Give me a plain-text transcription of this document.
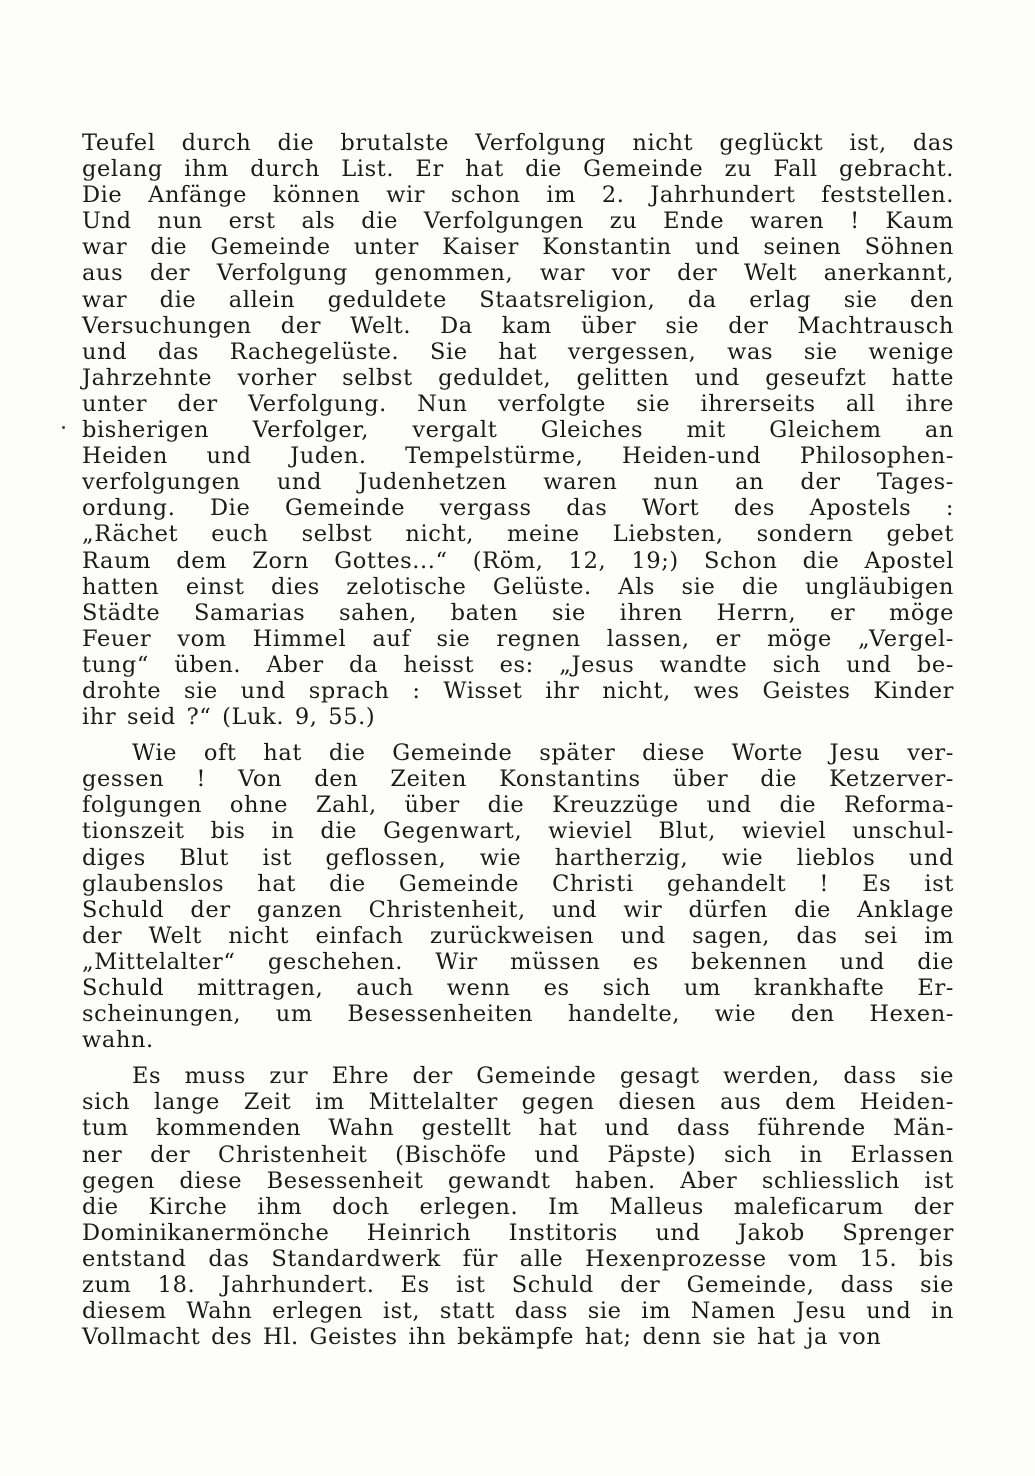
Teufel durch die brutalste Verfolgung nicht geglückt ist, das
gelang ihm durch List. Er hat die Gemeinde zu Fall gebracht.
Die Anfänge können wir schon im 2. Jahrhundert feststellen.
Und nun erst als die Verfolgungen zu Ende waren ! Kaum
war die Gemeinde unter Kaiser Konstantin und seinen Söhnen
aus der Verfolgung genommen, war vor der Welt anerkannt,
war die allein geduldete Staatsreligion, da erlag sie den
Versuchungen der Welt. Da kam über sie der Machtrausch
und das Rachegelüste. Sie hat vergessen, was sie wenige
Jahrzehnte vorher selbst geduldet, gelitten und geseufzt hatte
unter der Verfolgung. Nun verfolgte sie ihrerseits all ihre
bisherigen Verfolger, vergalt Gleiches mit Gleichem an
Heiden und Juden. Tempelstürme, Heiden-und Philosophen-
verfolgungen und Judenhetzen waren nun an der Tages-
ordung. Die Gemeinde vergass das Wort des Apostels :
„Rächet euch selbst nicht, meine Liebsten, sondern gebet
Raum dem Zorn Gottes...“ (Röm, 12, 19;) Schon die Apostel
hatten einst dies zelotische Gelüste. Als sie die ungläubigen
Städte Samarias sahen, baten sie ihren Herrn, er möge
Feuer vom Himmel auf sie regnen lassen, er möge „Vergel-
tung“ üben. Aber da heisst es: „Jesus wandte sich und be-
drohte sie und sprach : Wisset ihr nicht, wes Geistes Kinder
ihr seid ?“ (Luk. 9, 55.)
Wie oft hat die Gemeinde später diese Worte Jesu ver-
gessen ! Von den Zeiten Konstantins über die Ketzerver-
folgungen ohne Zahl, über die Kreuzzüge und die Reforma-
tionszeit bis in die Gegenwart, wieviel Blut, wieviel unschul-
diges Blut ist geflossen, wie hartherzig, wie lieblos und
glaubenslos hat die Gemeinde Christi gehandelt ! Es ist
Schuld der ganzen Christenheit, und wir dürfen die Anklage
der Welt nicht einfach zurückweisen und sagen, das sei im
„Mittelalter“ geschehen. Wir müssen es bekennen und die
Schuld mittragen, auch wenn es sich um krankhafte Er-
scheinungen, um Besessenheiten handelte, wie den Hexen-
wahn.
Es muss zur Ehre der Gemeinde gesagt werden, dass sie
sich lange Zeit im Mittelalter gegen diesen aus dem Heiden-
tum kommenden Wahn gestellt hat und dass führende Män-
ner der Christenheit (Bischöfe und Päpste) sich in Erlassen
gegen diese Besessenheit gewandt haben. Aber schliesslich ist
die Kirche ihm doch erlegen. Im Malleus maleficarum der
Dominikanermönche Heinrich Institoris und Jakob Sprenger
entstand das Standardwerk für alle Hexenprozesse vom 15. bis
zum 18. Jahrhundert. Es ist Schuld der Gemeinde, dass sie
diesem Wahn erlegen ist, statt dass sie im Namen Jesu und in
Vollmacht des Hl. Geistes ihn bekämpfe hat; denn sie hat ja von
